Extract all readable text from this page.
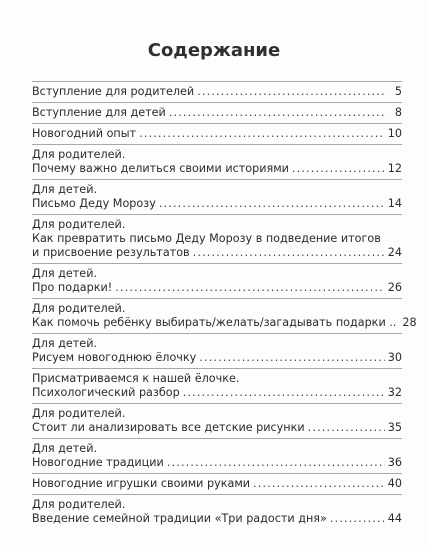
Содержание
Вступление для родителей . . .	5
Вступление для детей . . .	8
Новогодний опыт . . .	10
Для родителей.
Почему важно делиться своими историями . . .	12
Для детей.
Письмо Деду Морозу . . .	14
Для родителей.
Как превратить письмо Деду Морозу в подведение итогов
и присвоение результатов . . .	24
Для детей.
Про подарки! . . .	26
Для родителей.
Как помочь ребёнку выбирать/желать/загадывать подарки .. 28
Для детей.
Рисуем новогоднюю ёлочку . . .	30
Присматриваемся к нашей ёлочке.
Психологический разбор . . .	32
Для родителей.
Стоит ли анализировать все детские рисунки . . .	35
Для детей.
Новогодние традиции . . .	36
Новогодние игрушки своими руками . . .	40
Для родителей.
Введение семейной традиции «Три радости дня» . . .	44
